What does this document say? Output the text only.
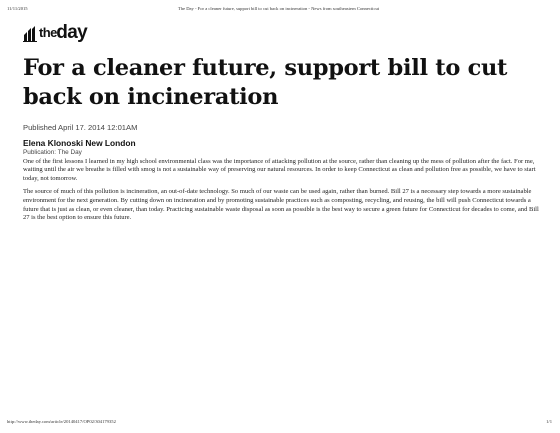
11/11/2015	The Day - For a cleaner future, support bill to cut back on incineration - News from southeastern Connecticut
theday
For a cleaner future, support bill to cut back on incineration
Published April 17. 2014 12:01AM
Elena Klonoski New London
Publication: The Day

One of the first lessons I learned in my high school environmental class was the importance of attacking pollution at the source, rather than cleaning up the mess of pollution after the fact. For me, waiting until the air we breathe is filled with smog is not a sustainable way of preserving our natural resources. In order to keep Connecticut as clean and pollution free as possible, we have to start today, not tomorrow.

The source of much of this pollution is incineration, an out-of-date technology. So much of our waste can be used again, rather than burned. Bill 27 is a necessary step towards a more sustainable environment for the next generation. By cutting down on incineration and by promoting sustainable practices such as composting, recycling, and reusing, the bill will push Connecticut towards a future that is just as clean, or even cleaner, than today. Practicing sustainable waste disposal as soon as possible is the best way to secure a green future for Connecticut for decades to come, and Bill 27 is the best option to ensure this future.

http://www.theday.com/article/20140417/OP02/304179352	1/1
